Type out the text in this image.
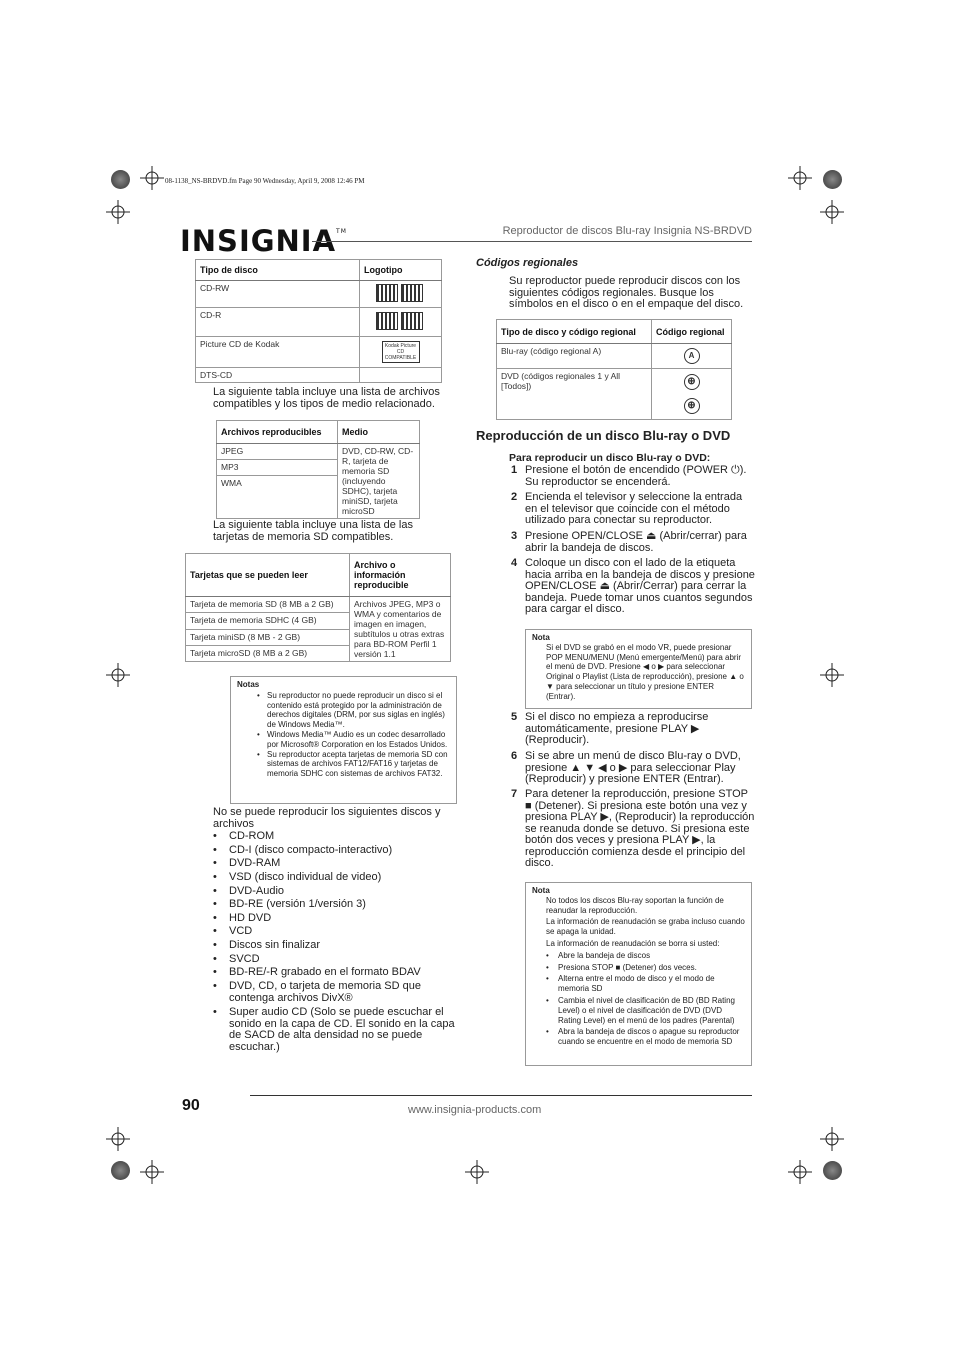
08-1138_NS-BRDVD.fm Page 90 Wednesday, April 9, 2008 12:46 PM
INSIGNIA™	Reproductor de discos Blu-ray Insignia NS-BRDVD
Tipo de disco	Logotipo
CD-RW	
CD-R	
Picture CD de Kodak	Kodak Picture CD COMPATIBLE
DTS-CD	
La siguiente tabla incluye una lista de archivos compatibles y los tipos de medio relacionado.
Archivos reproducibles	Medio
JPEG	DVD, CD-RW, CD-R, tarjeta de memoria SD (incluyendo SDHC), tarjeta miniSD, tarjeta microSD
MP3	
WMA	
La siguiente tabla incluye una lista de las tarjetas de memoria SD compatibles.
Tarjetas que se pueden leer	Archivo o información reproducible
Tarjeta de memoria SD (8 MB a 2 GB)	Archivos JPEG, MP3 o WMA y comentarios de imagen en imagen, subtítulos u otras extras para BD-ROM Perfil 1 versión 1.1
Tarjeta de memoria SDHC (4 GB)	
Tarjeta miniSD (8 MB - 2 GB)	
Tarjeta microSD (8 MB a 2 GB)	
Notas
• Su reproductor no puede reproducir un disco si el contenido está protegido por la administración de derechos digitales (DRM, por sus siglas en inglés) de Windows Media™.
• Windows Media™ Audio es un codec desarrollado por Microsoft® Corporation en los Estados Unidos.
• Su reproductor acepta tarjetas de memoria SD con sistemas de archivos FAT12/FAT16 y tarjetas de memoria SDHC con sistemas de archivos FAT32.
No se puede reproducir los siguientes discos y archivos
• CD-ROM
• CD-I (disco compacto-interactivo)
• DVD-RAM
• VSD (disco individual de video)
• DVD-Audio
• BD-RE (versión 1/versión 3)
• HD DVD
• VCD
• Discos sin finalizar
• SVCD
• BD-RE/-R grabado en el formato BDAV
• DVD, CD, o tarjeta de memoria SD que contenga archivos DivX®
• Super audio CD (Solo se puede escuchar el sonido en la capa de CD. El sonido en la capa de SACD de alta densidad no se puede escuchar.)
Códigos regionales
Su reproductor puede reproducir discos con los siguientes códigos regionales. Busque los símbolos en el disco o en el empaque del disco.
Tipo de disco y código regional	Código regional
Blu-ray (código regional A)	A
DVD (códigos regionales 1 y All [Todos])	⊕
⊕
Reproducción de un disco Blu-ray o DVD
Para reproducir un disco Blu-ray o DVD:
1 Presione el botón de encendido (POWER ⏻). Su reproductor se encenderá.
2 Encienda el televisor y seleccione la entrada en el televisor que coincide con el método utilizado para conectar su reproductor.
3 Presione OPEN/CLOSE ⏏ (Abrir/cerrar) para abrir la bandeja de discos.
4 Coloque un disco con el lado de la etiqueta hacia arriba en la bandeja de discos y presione OPEN/CLOSE ⏏ (Abrir/Cerrar) para cerrar la bandeja. Puede tomar unos cuantos segundos para cargar el disco.
5 Si el disco no empieza a reproducirse automáticamente, presione PLAY ▶ (Reproducir).
6 Si se abre un menú de disco Blu-ray o DVD, presione ▲ ▼ ◀ o ▶ para seleccionar Play (Reproducir) y presione ENTER (Entrar).
7 Para detener la reproducción, presione STOP ■ (Detener). Si presiona este botón una vez y presiona PLAY ▶, (Reproducir) la reproducción se reanuda donde se detuvo. Si presiona este botón dos veces y presiona PLAY ▶, la reproducción comienza desde el principio del disco.
Nota
Si el DVD se grabó en el modo VR, puede presionar POP MENU/MENU (Menú emergente/Menú) para abrir el menú de DVD. Presione ◀ o ▶ para seleccionar Original o Playlist (Lista de reproducción), presione ▲ o ▼ para seleccionar un título y presione ENTER (Entrar).
Nota
No todos los discos Blu-ray soportan la función de reanudar la reproducción.
La información de reanudación se graba incluso cuando se apaga la unidad.
La información de reanudación se borra si usted:
• Abre la bandeja de discos
• Presiona STOP ■ (Detener) dos veces.
• Alterna entre el modo de disco y el modo de memoria SD
• Cambia el nivel de clasificación de BD (BD Rating Level) o el nivel de clasificación de DVD (DVD Rating Level) en el menú de los padres (Parental)
• Abra la bandeja de discos o apague su reproductor cuando se encuentre en el modo de memoria SD
90	www.insignia-products.com
